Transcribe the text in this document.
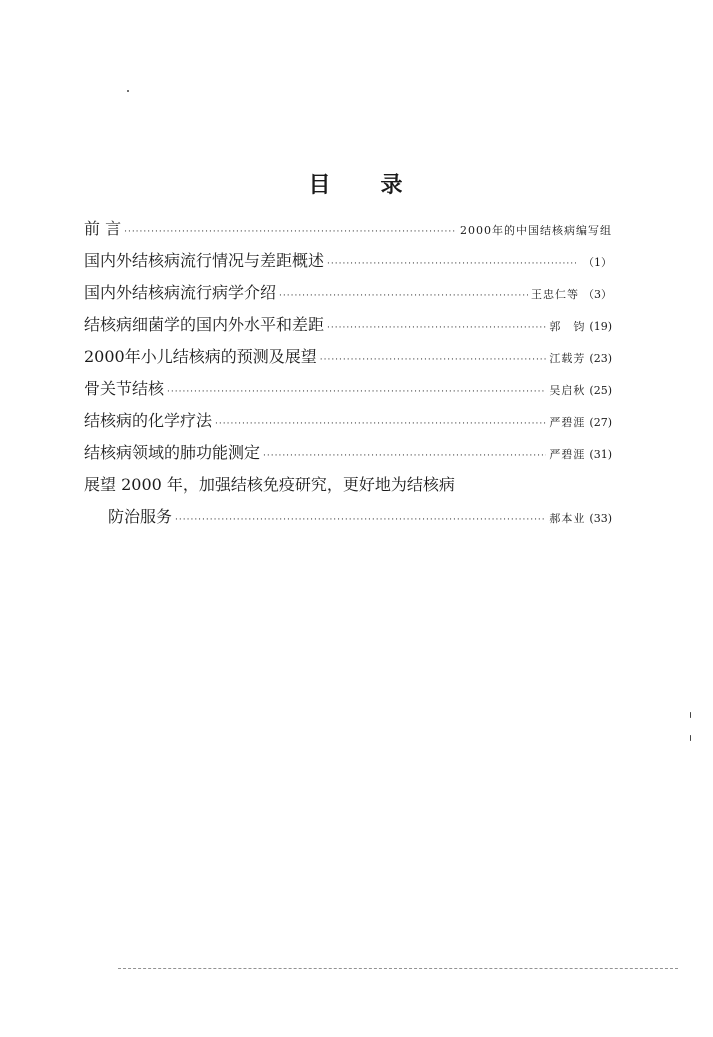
目 录
前 言 ·····	2000年的中国结核病编写组
国内外结核病流行情况与差距概述 ·····	（1）
国内外结核病流行病学介绍 ·····	王忠仁等 （3）
结核病细菌学的国内外水平和差距 ·····	郭　钧 (19)
2000年小儿结核病的预测及展望 ·····	江载芳 (23)
骨关节结核 ·····	吴启秋 (25)
结核病的化学疗法 ·····	严碧涯 (27)
结核病领域的肺功能测定 ·····	严碧涯 (31)
展望 2000 年，加强结核免疫研究，更好地为结核病
防治服务 ·····	郝本业 (33)
